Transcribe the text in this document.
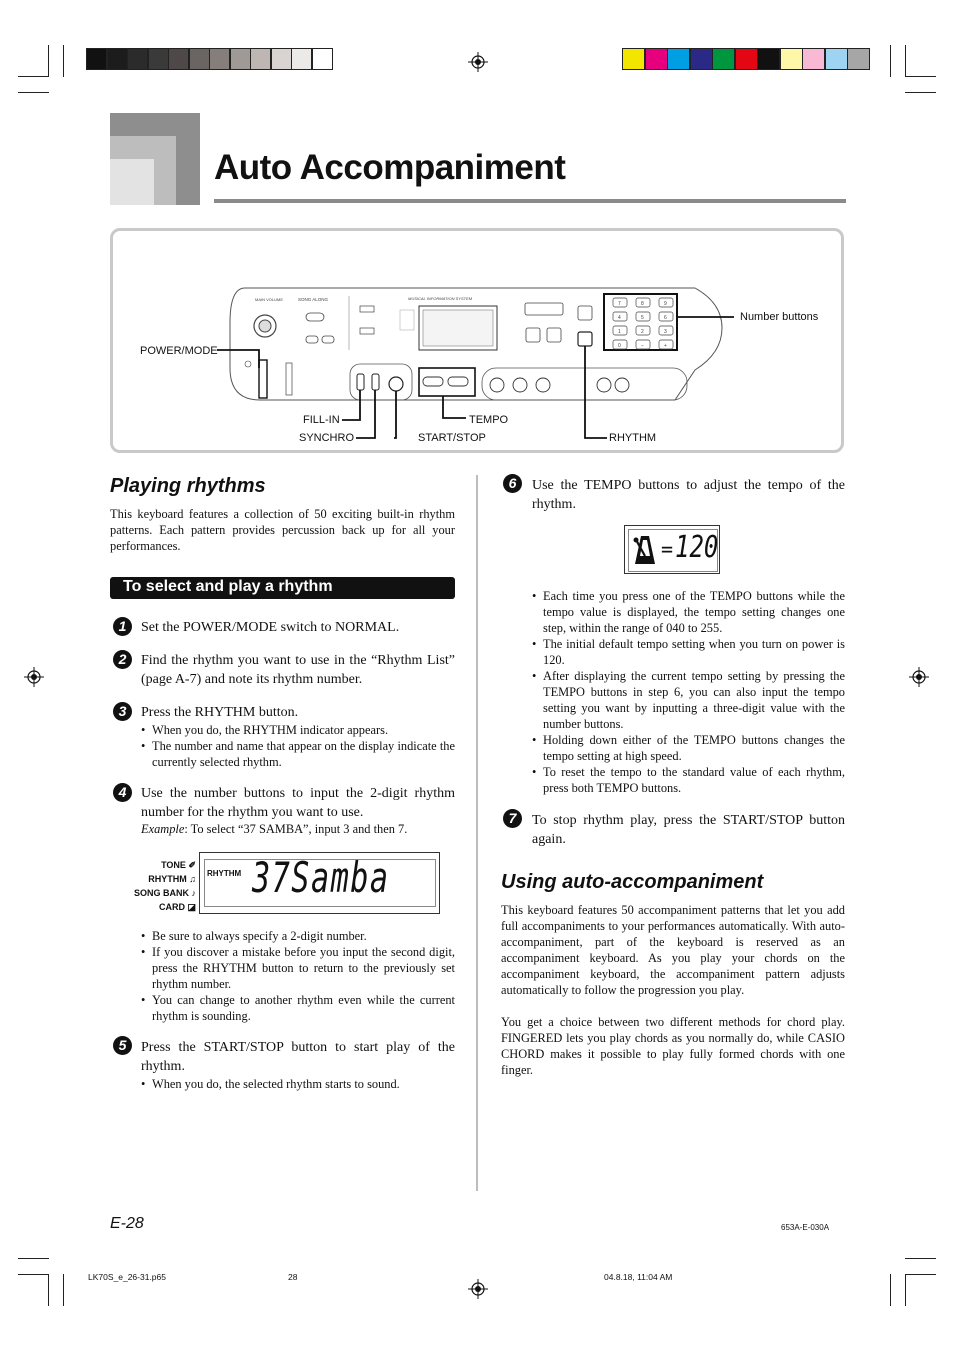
Auto Accompaniment
MAIN VOLUME	SONG ALONG	MUSICAL INFORMATION SYSTEM
7	8	9
4	5	6
1	2	3
0	−	+
POWER/MODE
Number buttons
FILL-IN	TEMPO
SYNCHRO	START/STOP	RHYTHM
Playing rhythms

This keyboard features a collection of 50 exciting built-in rhythm patterns. Each pattern provides percussion back up for all your performances.

To select and play a rhythm
1	Set the POWER/MODE switch to NORMAL.
2	Find the rhythm you want to use in the “Rhythm List” (page A-7) and note its rhythm number.
3	Press the RHYTHM button.
• When you do, the RHYTHM indicator appears.
• The number and name that appear on the display indicate the currently selected rhythm.
4	Use the number buttons to input the 2-digit rhythm number for the rhythm you want to use.
Example: To select “37 SAMBA”, input 3 and then 7.
TONE ✐
RHYTHM ♫
SONG BANK ♪
CARD ◪
RHYTHM 37Samba
• Be sure to always specify a 2-digit number.
• If you discover a mistake before you input the second digit, press the RHYTHM button to return to the previously set rhythm number.
• You can change to another rhythm even while the current rhythm is sounding.
5	Press the START/STOP button to start play of the rhythm.
• When you do, the selected rhythm starts to sound.
6	Use the TEMPO buttons to adjust the tempo of the rhythm.
= 120
• Each time you press one of the TEMPO buttons while the tempo value is displayed, the tempo setting changes one step, within the range of 040 to 255.
• The initial default tempo setting when you turn on power is 120.
• After displaying the current tempo setting by pressing the TEMPO buttons in step 6, you can also input the tempo setting you want by inputting a three-digit value with the number buttons.
• Holding down either of the TEMPO buttons changes the tempo setting at high speed.
• To reset the tempo to the standard value of each rhythm, press both TEMPO buttons.
7	To stop rhythm play, press the START/STOP button again.
Using auto-accompaniment

This keyboard features 50 accompaniment patterns that let you add full accompaniments to your performances automatically. With auto-accompaniment, part of the keyboard is reserved as an accompaniment keyboard. As you play your chords on the accompaniment keyboard, the accompaniment pattern adjusts automatically to follow the progression you play.

You get a choice between two different methods for chord play. FINGERED lets you play chords as you normally do, while CASIO CHORD makes it possible to play fully formed chords with one finger.

E-28	653A-E-030A
LK70S_e_26-31.p65	28	04.8.18, 11:04 AM
